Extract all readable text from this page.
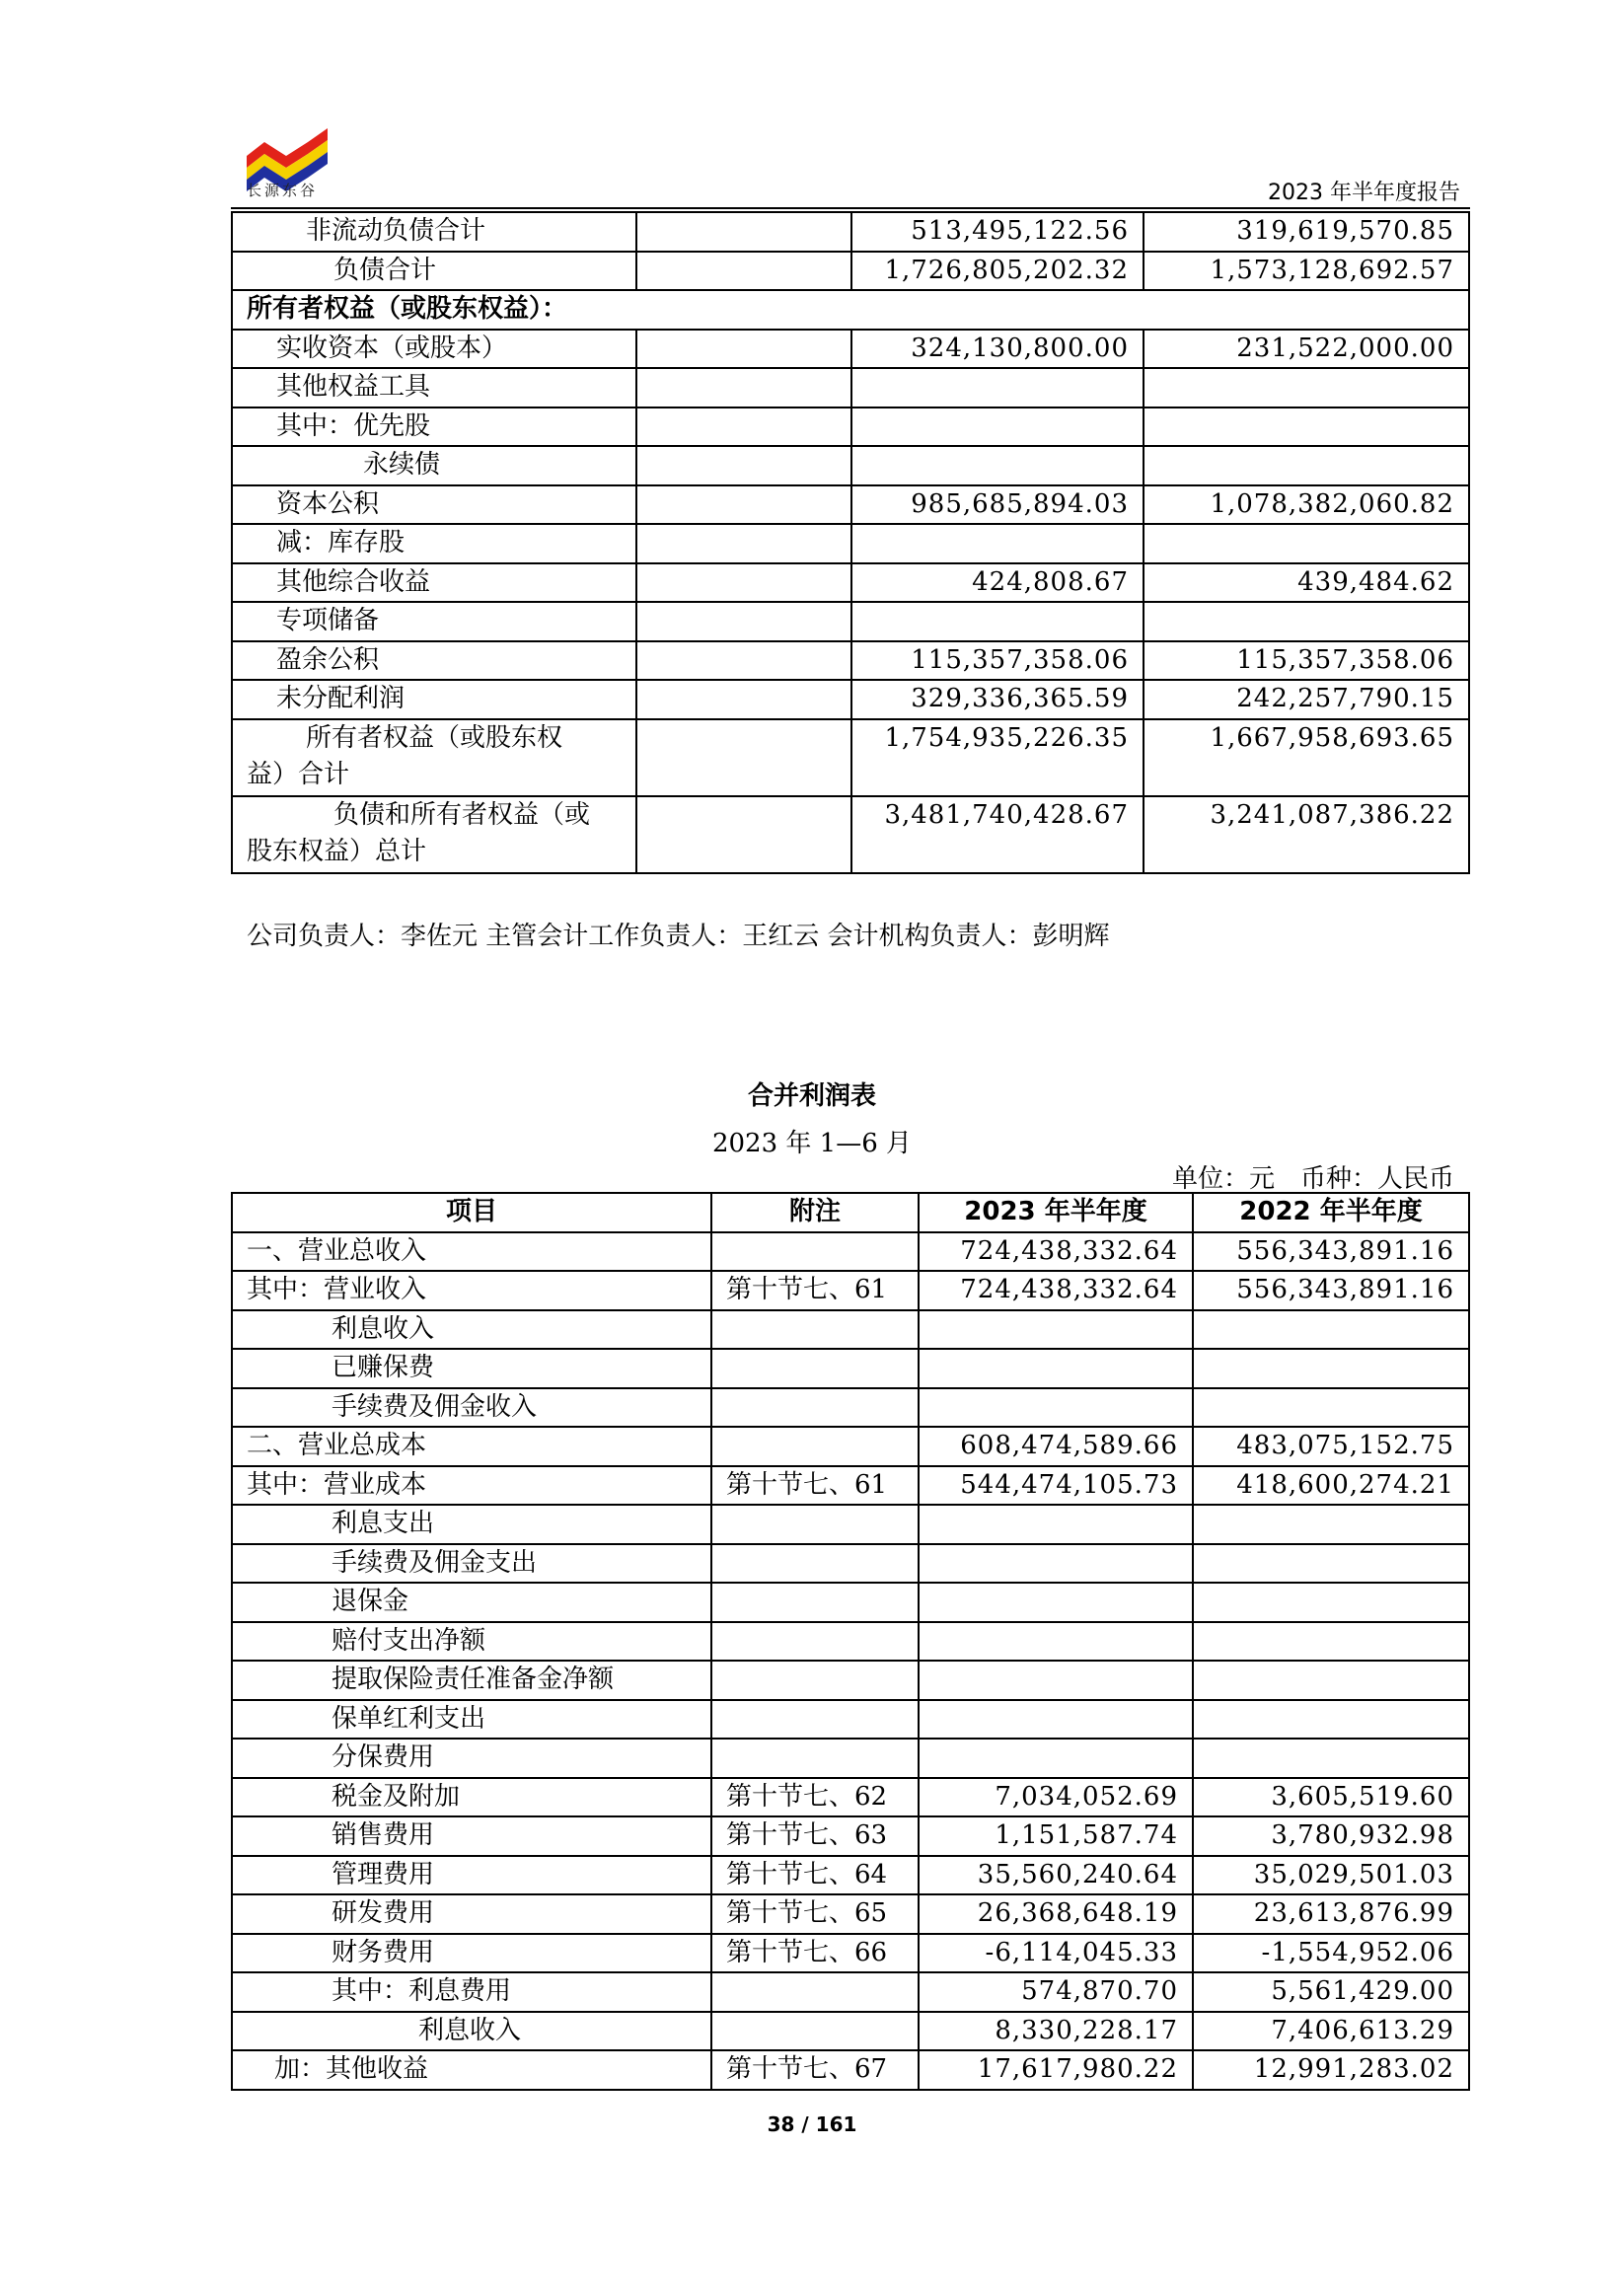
长源东谷	2023 年半年度报告
非流动负债合计		513,495,122.56	319,619,570.85
负债合计		1,726,805,202.32	1,573,128,692.57
所有者权益（或股东权益）：			
实收资本（或股本）		324,130,800.00	231,522,000.00
其他权益工具			
其中：优先股			
永续债			
资本公积		985,685,894.03	1,078,382,060.82
减：库存股			
其他综合收益		424,808.67	439,484.62
专项储备			
盈余公积		115,357,358.06	115,357,358.06
未分配利润		329,336,365.59	242,257,790.15

所有者权益（或股东权
益）合计		1,754,935,226.35	1,667,958,693.65

负债和所有者权益（或
股东权益）总计		3,481,740,428.67	3,241,087,386.22
公司负责人：李佐元 主管会计工作负责人：王红云 会计机构负责人：彭明辉
合并利润表
2023 年 1—6 月
单位：元　币种：人民币
项目	附注	2023 年半年度	2022 年半年度
一、营业总收入		724,438,332.64	556,343,891.16
其中：营业收入	第十节七、61	724,438,332.64	556,343,891.16
利息收入			
已赚保费			
手续费及佣金收入			
二、营业总成本		608,474,589.66	483,075,152.75
其中：营业成本	第十节七、61	544,474,105.73	418,600,274.21
利息支出			
手续费及佣金支出			
退保金			
赔付支出净额			
提取保险责任准备金净额			
保单红利支出			
分保费用			
税金及附加	第十节七、62	7,034,052.69	3,605,519.60
销售费用	第十节七、63	1,151,587.74	3,780,932.98
管理费用	第十节七、64	35,560,240.64	35,029,501.03
研发费用	第十节七、65	26,368,648.19	23,613,876.99
财务费用	第十节七、66	-6,114,045.33	-1,554,952.06
其中：利息费用		574,870.70	5,561,429.00
利息收入		8,330,228.17	7,406,613.29
加：其他收益	第十节七、67	17,617,980.22	12,991,283.02
38 / 161
